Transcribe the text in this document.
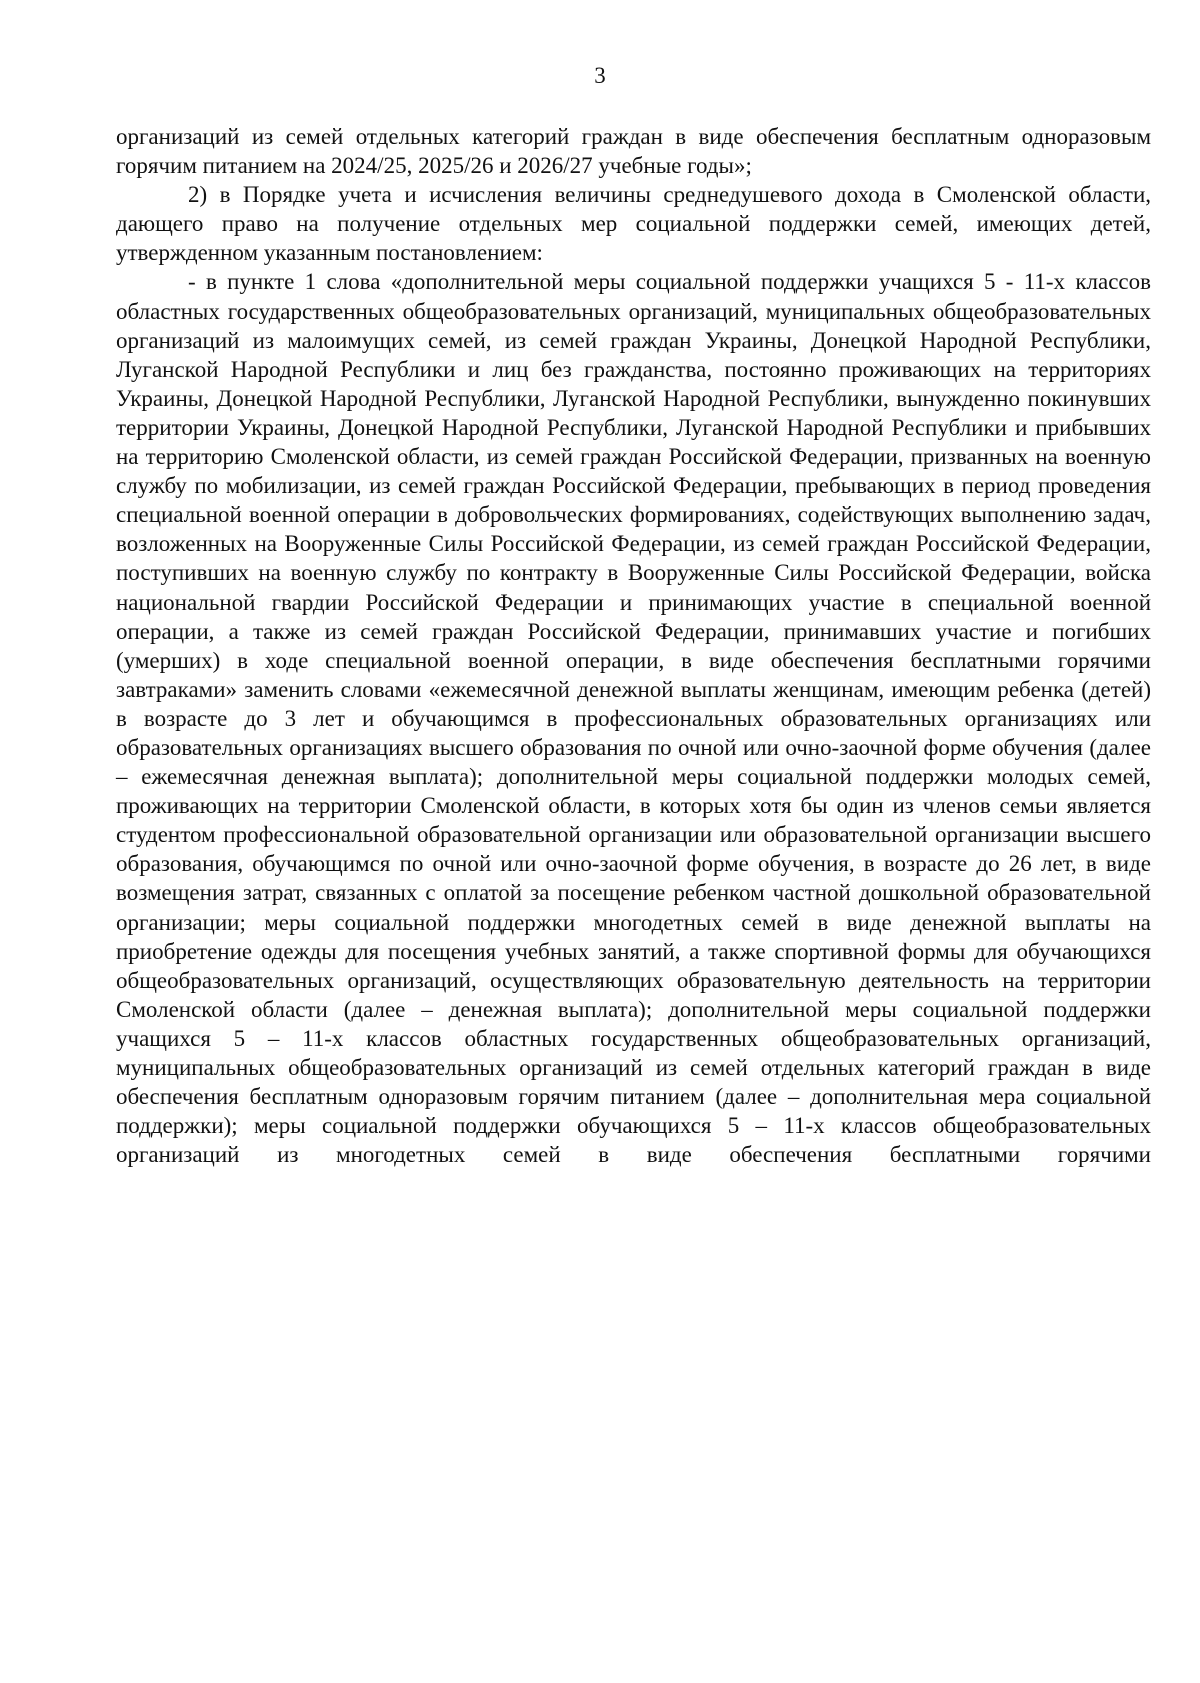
3

организаций из семей отдельных категорий граждан в виде обеспечения бесплатным одноразовым горячим питанием на 2024/25, 2025/26 и 2026/27 учебные годы»;

2) в Порядке учета и исчисления величины среднедушевого дохода в Смоленской области, дающего право на получение отдельных мер социальной поддержки семей, имеющих детей, утвержденном указанным постановлением:

- в пункте 1 слова «дополнительной меры социальной поддержки учащихся 5 - 11-х классов областных государственных общеобразовательных организаций, муниципальных общеобразовательных организаций из малоимущих семей, из семей граждан Украины, Донецкой Народной Республики, Луганской Народной Республики и лиц без гражданства, постоянно проживающих на территориях Украины, Донецкой Народной Республики, Луганской Народной Республики, вынужденно покинувших территории Украины, Донецкой Народной Республики, Луганской Народной Республики и прибывших на территорию Смоленской области, из семей граждан Российской Федерации, призванных на военную службу по мобилизации, из семей граждан Российской Федерации, пребывающих в период проведения специальной военной операции в добровольческих формированиях, содействующих выполнению задач, возложенных на Вооруженные Силы Российской Федерации, из семей граждан Российской Федерации, поступивших на военную службу по контракту в Вооруженные Силы Российской Федерации, войска национальной гвардии Российской Федерации и принимающих участие в специальной военной операции, а также из семей граждан Российской Федерации, принимавших участие и погибших (умерших) в ходе специальной военной операции, в виде обеспечения бесплатными горячими завтраками» заменить словами «ежемесячной денежной выплаты женщинам, имеющим ребенка (детей) в возрасте до 3 лет и обучающимся в профессиональных образовательных организациях или образовательных организациях высшего образования по очной или очно-заочной форме обучения (далее – ежемесячная денежная выплата); дополнительной меры социальной поддержки молодых семей, проживающих на территории Смоленской области, в которых хотя бы один из членов семьи является студентом профессиональной образовательной организации или образовательной организации высшего образования, обучающимся по очной или очно-заочной форме обучения, в возрасте до 26 лет, в виде возмещения затрат, связанных с оплатой за посещение ребенком частной дошкольной образовательной организации; меры социальной поддержки многодетных семей в виде денежной выплаты на приобретение одежды для посещения учебных занятий, а также спортивной формы для обучающихся общеобразовательных организаций, осуществляющих образовательную деятельность на территории Смоленской области (далее – денежная выплата); дополнительной меры социальной поддержки учащихся 5 – 11-х классов областных государственных общеобразовательных организаций, муниципальных общеобразовательных организаций из семей отдельных категорий граждан в виде обеспечения бесплатным одноразовым горячим питанием (далее – дополнительная мера социальной поддержки); меры социальной поддержки обучающихся 5 – 11-х классов общеобразовательных организаций из многодетных семей в виде обеспечения бесплатными горячими
